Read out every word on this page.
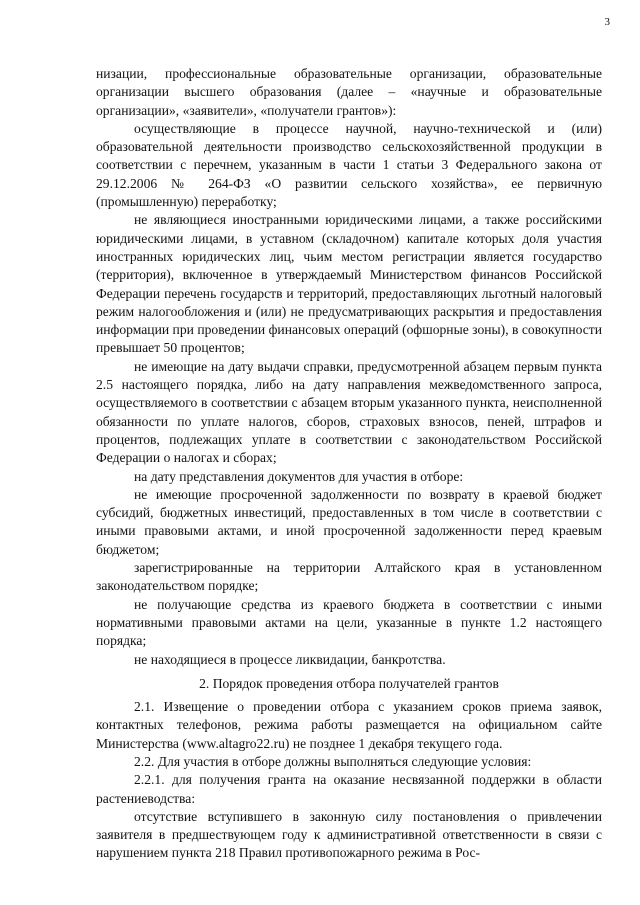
3

низации, профессиональные образовательные организации, образовательные организации высшего образования (далее – «научные и образовательные организации», «заявители», «получатели грантов»):

осуществляющие в процессе научной, научно-технической и (или) образовательной деятельности производство сельскохозяйственной продукции в соответствии с перечнем, указанным в части 1 статьи 3 Федерального закона от 29.12.2006 № 264-ФЗ «О развитии сельского хозяйства», ее первичную (промышленную) переработку;

не являющиеся иностранными юридическими лицами, а также российскими юридическими лицами, в уставном (складочном) капитале которых доля участия иностранных юридических лиц, чьим местом регистрации является государство (территория), включенное в утверждаемый Министерством финансов Российской Федерации перечень государств и территорий, предоставляющих льготный налоговый режим налогообложения и (или) не предусматривающих раскрытия и предоставления информации при проведении финансовых операций (офшорные зоны), в совокупности превышает 50 процентов;

не имеющие на дату выдачи справки, предусмотренной абзацем первым пункта 2.5 настоящего порядка, либо на дату направления межведомственного запроса, осуществляемого в соответствии с абзацем вторым указанного пункта, неисполненной обязанности по уплате налогов, сборов, страховых взносов, пеней, штрафов и процентов, подлежащих уплате в соответствии с законодательством Российской Федерации о налогах и сборах;

на дату представления документов для участия в отборе:

не имеющие просроченной задолженности по возврату в краевой бюджет субсидий, бюджетных инвестиций, предоставленных в том числе в соответствии с иными правовыми актами, и иной просроченной задолженности перед краевым бюджетом;

зарегистрированные на территории Алтайского края в установленном законодательством порядке;

не получающие средства из краевого бюджета в соответствии с иными нормативными правовыми актами на цели, указанные в пункте 1.2 настоящего порядка;

не находящиеся в процессе ликвидации, банкротства.

2. Порядок проведения отбора получателей грантов

2.1. Извещение о проведении отбора с указанием сроков приема заявок, контактных телефонов, режима работы размещается на официальном сайте Министерства (www.altagro22.ru) не позднее 1 декабря текущего года.

2.2. Для участия в отборе должны выполняться следующие условия:

2.2.1. для получения гранта на оказание несвязанной поддержки в области растениеводства:

отсутствие вступившего в законную силу постановления о привлечении заявителя в предшествующем году к административной ответственности в связи с нарушением пункта 218 Правил противопожарного режима в Рос-
